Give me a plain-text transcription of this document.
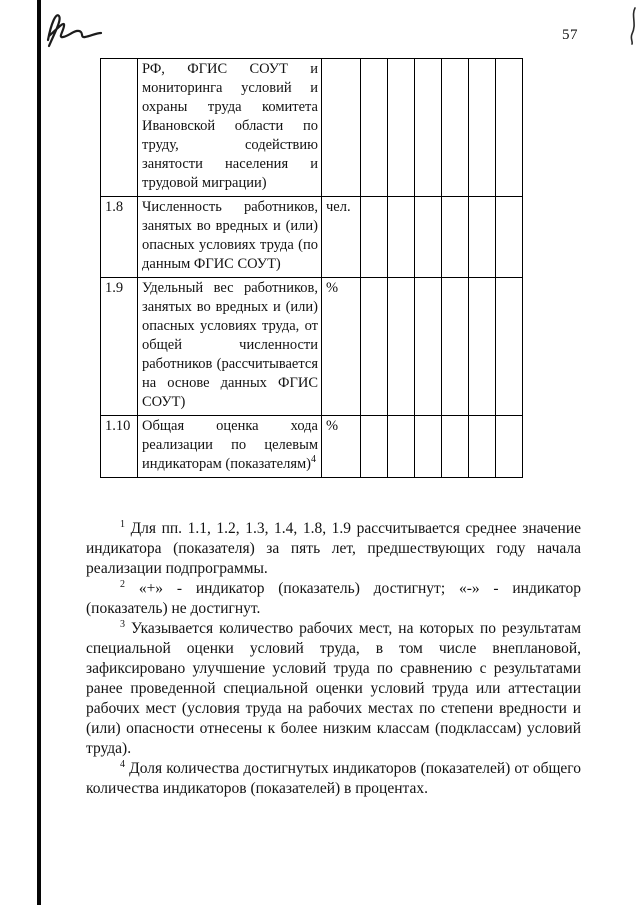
57
	РФ, ФГИС СОУТ и мониторинга условий и охраны труда комитета Ивановской области по труду, содействию занятости населения и трудовой миграции)							
1.8	Численность работников, занятых во вредных и (или) опасных условиях труда (по данным ФГИС СОУТ)	чел.						
1.9	Удельный вес работников, занятых во вредных и (или) опасных условиях труда, от общей численности работников (рассчитывается на основе данных ФГИС СОУТ)	%						
1.10	Общая оценка хода реализации по целевым индикаторам (показателям)$^4$	%						

$^1$ Для пп. 1.1, 1.2, 1.3, 1.4, 1.8, 1.9 рассчитывается среднее значение индикатора (показателя) за пять лет, предшествующих году начала реализации подпрограммы.

$^2$ «+» - индикатор (показатель) достигнут; «-» - индикатор (показатель) не достигнут.

$^3$ Указывается количество рабочих мест, на которых по результатам специальной оценки условий труда, в том числе внеплановой, зафиксировано улучшение условий труда по сравнению с результатами ранее проведенной специальной оценки условий труда или аттестации рабочих мест (условия труда на рабочих местах по степени вредности и (или) опасности отнесены к более низким классам (подклассам) условий труда).

$^4$ Доля количества достигнутых индикаторов (показателей) от общего количества индикаторов (показателей) в процентах.
